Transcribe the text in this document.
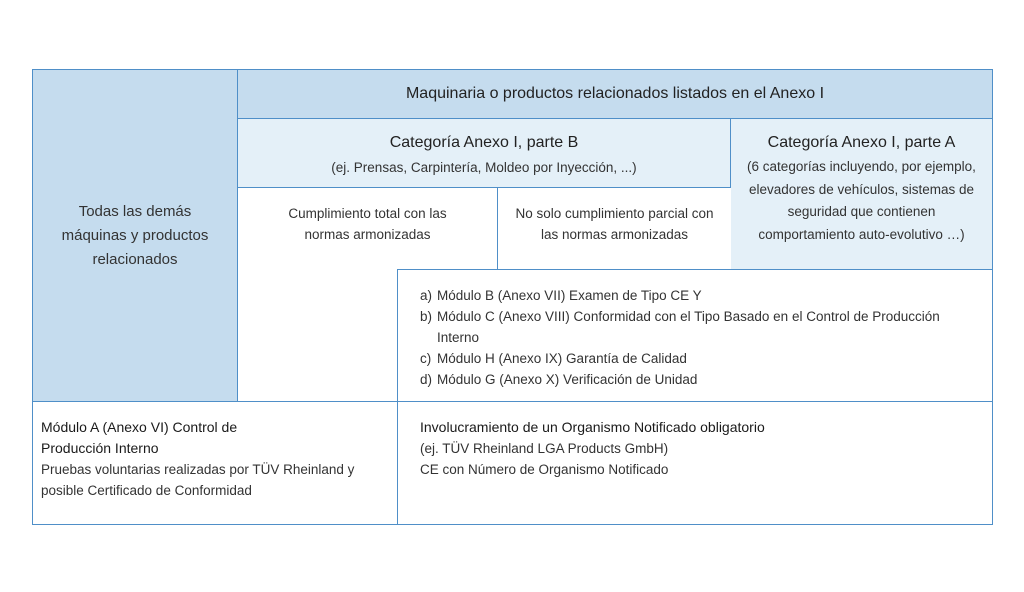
Todas las demás máquinas y productos relacionados
Maquinaria o productos relacionados listados en el Anexo I
Categoría Anexo I, parte B
(ej. Prensas, Carpintería, Moldeo por Inyección, ...)
Categoría Anexo I, parte A
(6 categorías incluyendo, por ejemplo, elevadores de vehículos, sistemas de seguridad que contienen comportamiento auto-evolutivo …)
Cumplimiento total con las normas armonizadas
No solo cumplimiento parcial con las normas armonizadas
a) Módulo B (Anexo VII) Examen de Tipo CE Y
b) Módulo C (Anexo VIII) Conformidad con el Tipo Basado en el Control de Producción Interno
c) Módulo H (Anexo IX) Garantía de Calidad
d) Módulo G (Anexo X) Verificación de Unidad
Módulo A (Anexo VI) Control de Producción Interno
Pruebas voluntarias realizadas por TÜV Rheinland y posible Certificado de Conformidad
Involucramiento de un Organismo Notificado obligatorio
(ej. TÜV Rheinland LGA Products GmbH)
CE con Número de Organismo Notificado
